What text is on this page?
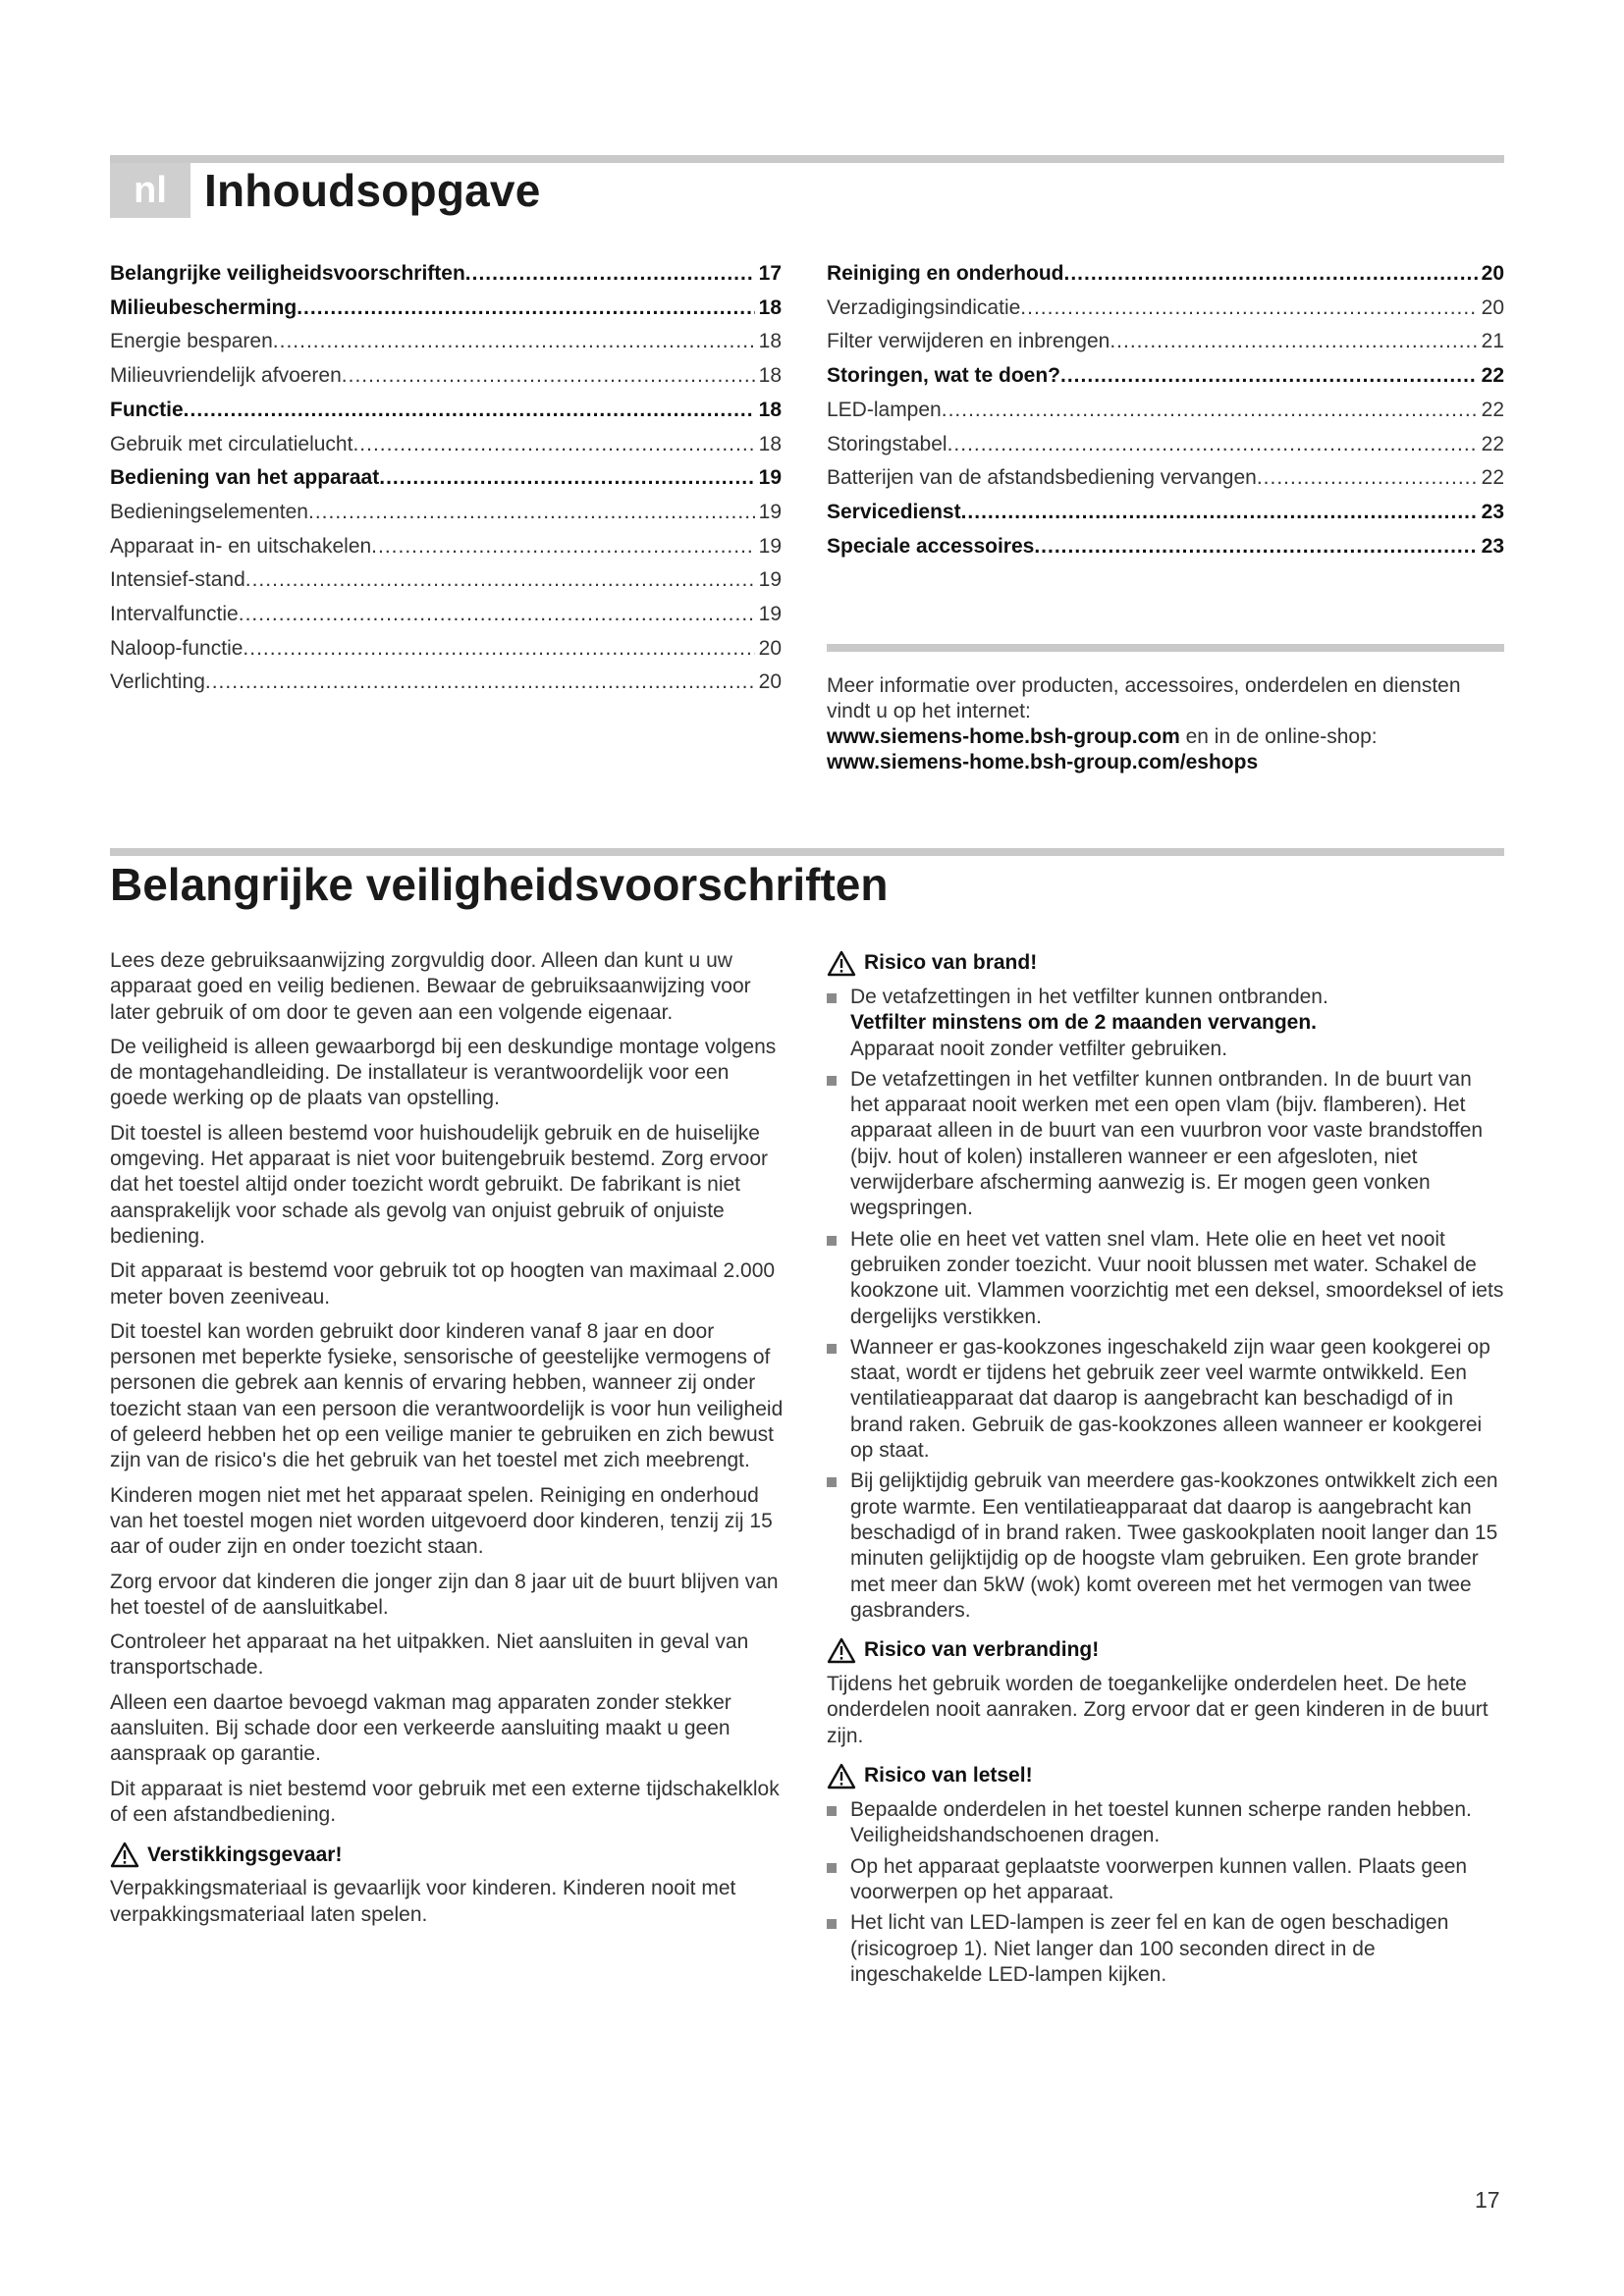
nl Inhoudsopgave
Belangrijke veiligheidsvoorschriften .....	17
Milieubescherming .....	18
Energie besparen .....	18
Milieuvriendelijk afvoeren .....	18
Functie .....	18
Gebruik met circulatielucht .....	18
Bediening van het apparaat .....	19
Bedieningselementen .....	19
Apparaat in- en uitschakelen .....	19
Intensief-stand .....	19
Intervalfunctie .....	19
Naloop-functie .....	20
Verlichting .....	20
Reiniging en onderhoud .....	20
Verzadigingsindicatie .....	20
Filter verwijderen en inbrengen .....	21
Storingen, wat te doen? .....	22
LED-lampen .....	22
Storingstabel .....	22
Batterijen van de afstandsbediening vervangen .....	22
Servicedienst .....	23
Speciale accessoires .....	23
Meer informatie over producten, accessoires, onderdelen en diensten vindt u op het internet:
www.siemens-home.bsh-group.com en in de online-shop:
www.siemens-home.bsh-group.com/eshops
Belangrijke veiligheidsvoorschriften

Lees deze gebruiksaanwijzing zorgvuldig door. Alleen dan kunt u uw apparaat goed en veilig bedienen. Bewaar de gebruiksaanwijzing voor later gebruik of om door te geven aan een volgende eigenaar.

De veiligheid is alleen gewaarborgd bij een deskundige montage volgens de montagehandleiding. De installateur is verantwoordelijk voor een goede werking op de plaats van opstelling.

Dit toestel is alleen bestemd voor huishoudelijk gebruik en de huiselijke omgeving. Het apparaat is niet voor buitengebruik bestemd. Zorg ervoor dat het toestel altijd onder toezicht wordt gebruikt. De fabrikant is niet aansprakelijk voor schade als gevolg van onjuist gebruik of onjuiste bediening.

Dit apparaat is bestemd voor gebruik tot op hoogten van maximaal 2.000 meter boven zeeniveau.

Dit toestel kan worden gebruikt door kinderen vanaf 8 jaar en door personen met beperkte fysieke, sensorische of geestelijke vermogens of personen die gebrek aan kennis of ervaring hebben, wanneer zij onder toezicht staan van een persoon die verantwoordelijk is voor hun veiligheid of geleerd hebben het op een veilige manier te gebruiken en zich bewust zijn van de risico's die het gebruik van het toestel met zich meebrengt.

Kinderen mogen niet met het apparaat spelen. Reiniging en onderhoud van het toestel mogen niet worden uitgevoerd door kinderen, tenzij zij 15 aar of ouder zijn en onder toezicht staan.

Zorg ervoor dat kinderen die jonger zijn dan 8 jaar uit de buurt blijven van het toestel of de aansluitkabel.

Controleer het apparaat na het uitpakken. Niet aansluiten in geval van transportschade.

Alleen een daartoe bevoegd vakman mag apparaten zonder stekker aansluiten. Bij schade door een verkeerde aansluiting maakt u geen aanspraak op garantie.

Dit apparaat is niet bestemd voor gebruik met een externe tijdschakelklok of een afstandbediening.

Verstikkingsgevaar!

Verpakkingsmateriaal is gevaarlijk voor kinderen. Kinderen nooit met verpakkingsmateriaal laten spelen.

Risico van brand!
De vetafzettingen in het vetfilter kunnen ontbranden.
Vetfilter minstens om de 2 maanden vervangen.
Apparaat nooit zonder vetfilter gebruiken.
De vetafzettingen in het vetfilter kunnen ontbranden. In de buurt van het apparaat nooit werken met een open vlam (bijv. flamberen). Het apparaat alleen in de buurt van een vuurbron voor vaste brandstoffen (bijv. hout of kolen) installeren wanneer er een afgesloten, niet verwijderbare afscherming aanwezig is. Er mogen geen vonken wegspringen.
Hete olie en heet vet vatten snel vlam. Hete olie en heet vet nooit gebruiken zonder toezicht. Vuur nooit blussen met water. Schakel de kookzone uit. Vlammen voorzichtig met een deksel, smoordeksel of iets dergelijks verstikken.
Wanneer er gas-kookzones ingeschakeld zijn waar geen kookgerei op staat, wordt er tijdens het gebruik zeer veel warmte ontwikkeld. Een ventilatieapparaat dat daarop is aangebracht kan beschadigd of in brand raken. Gebruik de gas-kookzones alleen wanneer er kookgerei op staat.
Bij gelijktijdig gebruik van meerdere gas-kookzones ontwikkelt zich een grote warmte. Een ventilatieapparaat dat daarop is aangebracht kan beschadigd of in brand raken. Twee gaskookplaten nooit langer dan 15 minuten gelijktijdig op de hoogste vlam gebruiken. Een grote brander met meer dan 5kW (wok) komt overeen met het vermogen van twee gasbranders.
Risico van verbranding!

Tijdens het gebruik worden de toegankelijke onderdelen heet. De hete onderdelen nooit aanraken. Zorg ervoor dat er geen kinderen in de buurt zijn.

Risico van letsel!
Bepaalde onderdelen in het toestel kunnen scherpe randen hebben. Veiligheidshandschoenen dragen.
Op het apparaat geplaatste voorwerpen kunnen vallen. Plaats geen voorwerpen op het apparaat.
Het licht van LED-lampen is zeer fel en kan de ogen beschadigen (risicogroep 1). Niet langer dan 100 seconden direct in de ingeschakelde LED-lampen kijken.
17
